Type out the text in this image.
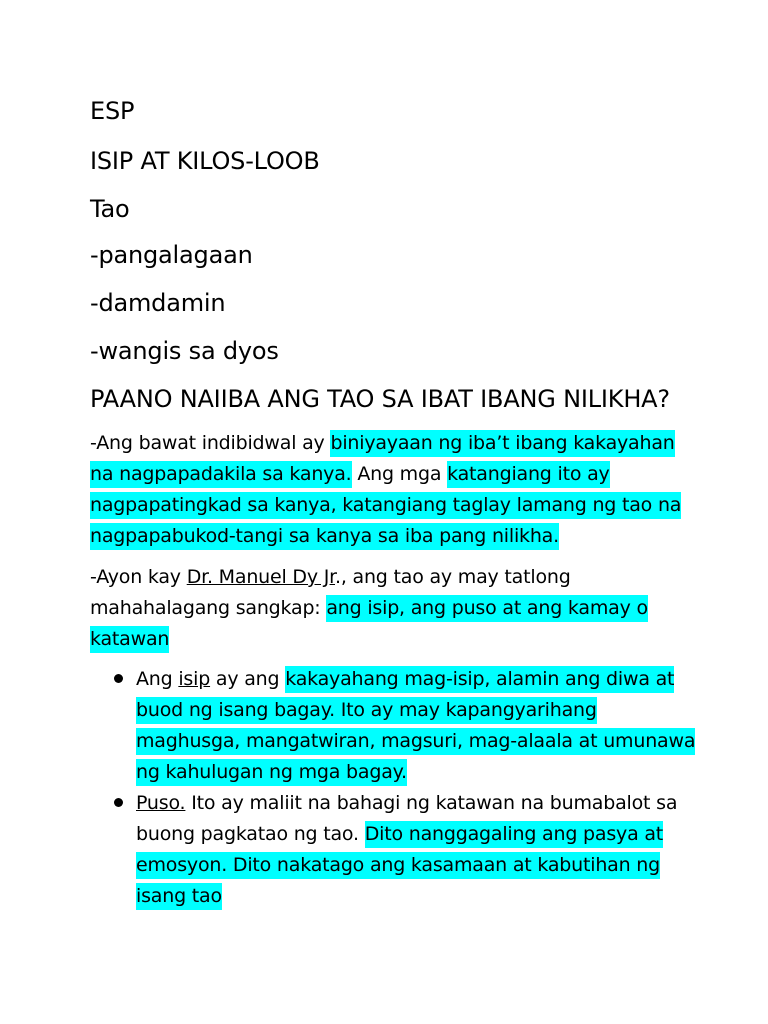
ESP
ISIP AT KILOS-LOOB
Tao
-pangalagaan
-damdamin
-wangis sa dyos
PAANO NAIIBA ANG TAO SA IBAT IBANG NILIKHA?
-Ang bawat indibidwal ay biniyayaan ng iba’t ibang kakayahan
na nagpapadakila sa kanya. Ang mga katangiang ito ay
nagpapatingkad sa kanya, katangiang taglay lamang ng tao na
nagpapabukod-tangi sa kanya sa iba pang nilikha.
-Ayon kay Dr. Manuel Dy Jr., ang tao ay may tatlong
mahahalagang sangkap: ang isip, ang puso at ang kamay o
katawan
Ang isip ay ang kakayahang mag-isip, alamin ang diwa at
buod ng isang bagay. Ito ay may kapangyarihang
maghusga, mangatwiran, magsuri, mag-alaala at umunawa
ng kahulugan ng mga bagay.
Puso. Ito ay maliit na bahagi ng katawan na bumabalot sa
buong pagkatao ng tao. Dito nanggagaling ang pasya at
emosyon. Dito nakatago ang kasamaan at kabutihan ng
isang tao
